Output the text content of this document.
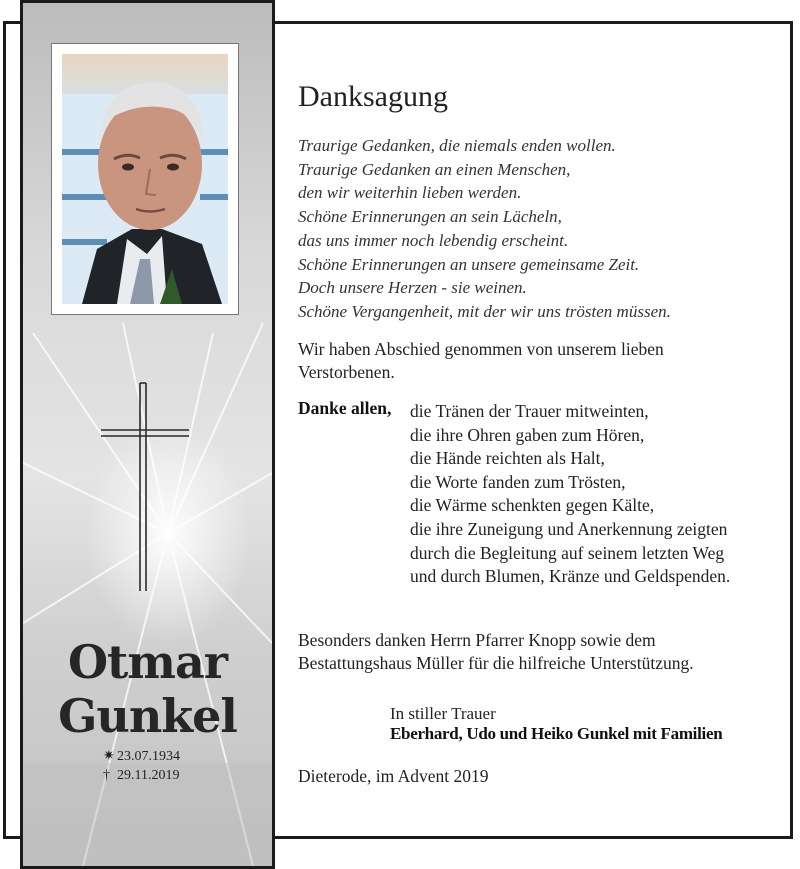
Otmar
Gunkel
✷ 23.07.1934
† 29.11.2019
Danksagung
Traurige Gedanken, die niemals enden wollen.
Traurige Gedanken an einen Menschen,
den wir weiterhin lieben werden.
Schöne Erinnerungen an sein Lächeln,
das uns immer noch lebendig erscheint.
Schöne Erinnerungen an unsere gemeinsame Zeit.
Doch unsere Herzen - sie weinen.
Schöne Vergangenheit, mit der wir uns trösten müssen.
Wir haben Abschied genommen von unserem lieben
Verstorbenen.
Danke allen, die Tränen der Trauer mitweinten,
die ihre Ohren gaben zum Hören,
die Hände reichten als Halt,
die Worte fanden zum Trösten,
die Wärme schenkten gegen Kälte,
die ihre Zuneigung und Anerkennung zeigten
durch die Begleitung auf seinem letzten Weg
und durch Blumen, Kränze und Geldspenden.
Besonders danken Herrn Pfarrer Knopp sowie dem
Bestattungshaus Müller für die hilfreiche Unterstützung.
In stiller Trauer
Eberhard, Udo und Heiko Gunkel mit Familien
Dieterode, im Advent 2019
